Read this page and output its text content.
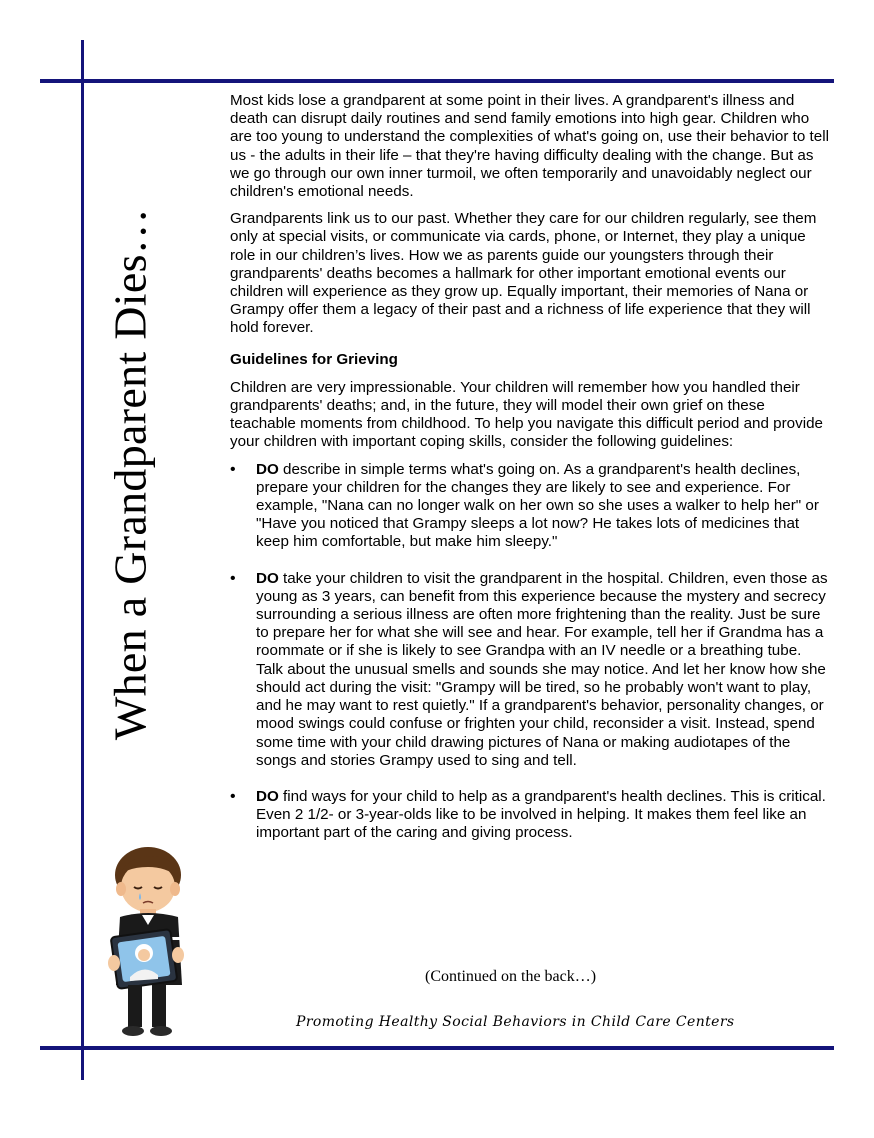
When a Grandparent Dies…

Most kids lose a grandparent at some point in their lives. A grandparent's illness and death can disrupt daily routines and send family emotions into high gear. Children who are too young to understand the complexities of what's going on, use their behavior to tell us - the adults in their life – that they're having difficulty dealing with the change. But as we go through our own inner turmoil, we often temporarily and unavoidably neglect our children's emotional needs.

Grandparents link us to our past. Whether they care for our children regularly, see them only at special visits, or communicate via cards, phone, or Internet, they play a unique role in our children’s lives. How we as parents guide our youngsters through their grandparents' deaths becomes a hallmark for other important emotional events our children will experience as they grow up. Equally important, their memories of Nana or Grampy offer them a legacy of their past and a richness of life experience that they will hold forever.

Guidelines for Grieving

Children are very impressionable. Your children will remember how you handled their grandparents' deaths; and, in the future, they will model their own grief on these teachable moments from childhood. To help you navigate this difficult period and provide your children with important coping skills, consider the following guidelines:

• DO describe in simple terms what's going on. As a grandparent's health declines, prepare your children for the changes they are likely to see and experience. For example, "Nana can no longer walk on her own so she uses a walker to help her" or "Have you noticed that Grampy sleeps a lot now? He takes lots of medicines that keep him comfortable, but make him sleepy."
• DO take your children to visit the grandparent in the hospital. Children, even those as young as 3 years, can benefit from this experience because the mystery and secrecy surrounding a serious illness are often more frightening than the reality. Just be sure to prepare her for what she will see and hear. For example, tell her if Grandma has a roommate or if she is likely to see Grandpa with an IV needle or a breathing tube. Talk about the unusual smells and sounds she may notice. And let her know how she should act during the visit: "Grampy will be tired, so he probably won't want to play, and he may want to rest quietly." If a grandparent's behavior, personality changes, or mood swings could confuse or frighten your child, reconsider a visit. Instead, spend some time with your child drawing pictures of Nana or making audiotapes of the songs and stories Grampy used to sing and tell.
• DO find ways for your child to help as a grandparent's health declines. This is critical. Even 2 1/2- or 3-year-olds like to be involved in helping. It makes them feel like an important part of the caring and giving process.
(Continued on the back…)
Promoting Healthy Social Behaviors in Child Care Centers
